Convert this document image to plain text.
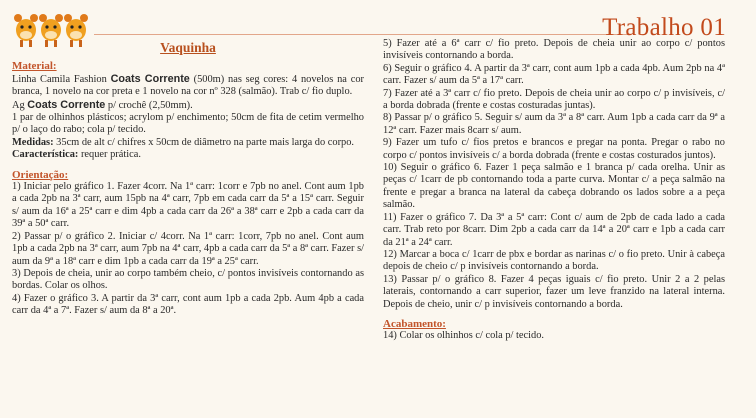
Trabalho 01
Vaquinha
Material:

Linha Camila Fashion Coats Corrente (500m) nas seg cores: 4 novelos na cor branca, 1 novelo na cor preta e 1 novelo na cor nº 328 (salmão). Trab c/ fio duplo.

Ag Coats Corrente p/ crochê (2,50mm).

1 par de olhinhos plásticos; acrylom p/ enchimento; 50cm de fita de cetim vermelho p/ o laço do rabo; cola p/ tecido.

Medidas: 35cm de alt c/ chifres x 50cm de diâmetro na parte mais larga do corpo.

Característica: requer prática.

Orientação:

1) Iniciar pelo gráfico 1. Fazer 4corr. Na 1ª carr: 1corr e 7pb no anel. Cont aum 1pb a cada 2pb na 3ª carr, aum 15pb na 4ª carr, 7pb em cada carr da 5ª a 15ª carr. Seguir s/ aum da 16ª a 25ª carr e dim 4pb a cada carr da 26ª a 38ª carr e 2pb a cada carr da 39ª a 50ª carr.

2) Passar p/ o gráfico 2. Iniciar c/ 4corr. Na 1ª carr: 1corr, 7pb no anel. Cont aum 1pb a cada 2pb na 3ª carr, aum 7pb na 4ª carr, 4pb a cada carr da 5ª a 8ª carr. Fazer s/ aum da 9ª a 18ª carr e dim 1pb a cada carr da 19ª a 25ª carr.

3) Depois de cheia, unir ao corpo também cheio, c/ pontos invisíveis contornando as bordas. Colar os olhos.

4) Fazer o gráfico 3. A partir da 3ª carr, cont aum 1pb a cada 2pb. Aum 4pb a cada carr da 4ª a 7ª. Fazer s/ aum da 8ª a 20ª.

5) Fazer até a 6ª carr c/ fio preto. Depois de cheia unir ao corpo c/ pontos invisíveis contornando a borda.

6) Seguir o gráfico 4. A partir da 3ª carr, cont aum 1pb a cada 4pb. Aum 2pb na 4ª carr. Fazer s/ aum da 5ª a 17ª carr.

7) Fazer até a 3ª carr c/ fio preto. Depois de cheia unir ao corpo c/ p invisíveis, c/ a borda dobrada (frente e costas costuradas juntas).

8) Passar p/ o gráfico 5. Seguir s/ aum da 3ª a 8ª carr. Aum 1pb a cada carr da 9ª a 12ª carr. Fazer mais 8carr s/ aum.

9) Fazer um tufo c/ fios pretos e brancos e pregar na ponta. Pregar o rabo no corpo c/ pontos invisíveis c/ a borda dobrada (frente e costas costurados juntos).

10) Seguir o gráfico 6. Fazer 1 peça salmão e 1 branca p/ cada orelha. Unir as peças c/ 1carr de pb contornando toda a parte curva. Montar c/ a peça salmão na frente e pregar a branca na lateral da cabeça dobrando os lados sobre a a peça salmão.

11) Fazer o gráfico 7. Da 3ª a 5ª carr: Cont c/ aum de 2pb de cada lado a cada carr. Trab reto por 8carr. Dim 2pb a cada carr da 14ª a 20ª carr e 1pb a cada carr da 21ª a 24ª carr.

12) Marcar a boca c/ 1carr de pbx e bordar as narinas c/ o fio preto. Unir à cabeça depois de cheio c/ p invisíveis contornando a borda.

13) Passar p/ o gráfico 8. Fazer 4 peças iguais c/ fio preto. Unir 2 a 2 pelas laterais, contornando a carr superior, fazer um leve franzido na lateral interna. Depois de cheio, unir c/ p invisíveis contornando a borda.

Acabamento:

14) Colar os olhinhos c/ cola p/ tecido.
